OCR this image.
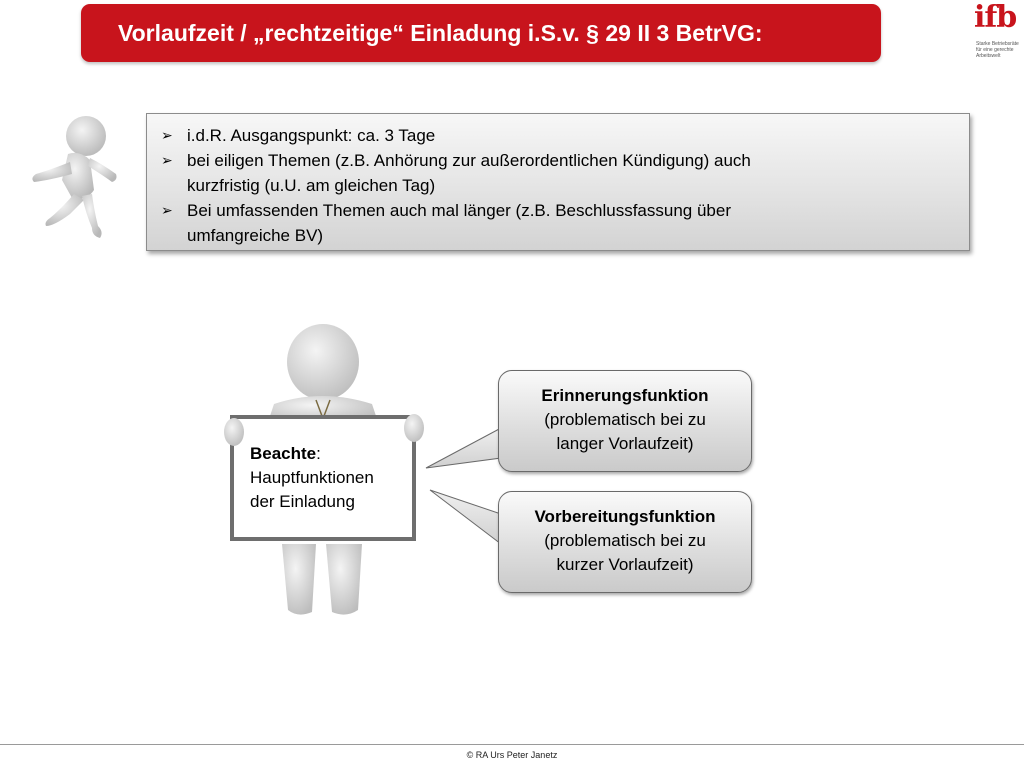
Vorlaufzeit / „rechtzeitige“ Einladung i.S.v. § 29 II 3 BetrVG:	ifb
Starke Betriebsräte
für eine gerechte
Arbeitswelt
➢ i.d.R. Ausgangspunkt: ca. 3 Tage
➢ bei eiligen Themen (z.B. Anhörung zur außerordentlichen Kündigung) auch
kurzfristig (u.U. am gleichen Tag)
➢ Bei umfassenden Themen auch mal länger (z.B. Beschlussfassung über
umfangreiche BV)
Beachte:
Hauptfunktionen
der Einladung
Erinnerungsfunktion
(problematisch bei zu
langer Vorlaufzeit)
Vorbereitungsfunktion
(problematisch bei zu
kurzer Vorlaufzeit)
© RA Urs Peter Janetz
